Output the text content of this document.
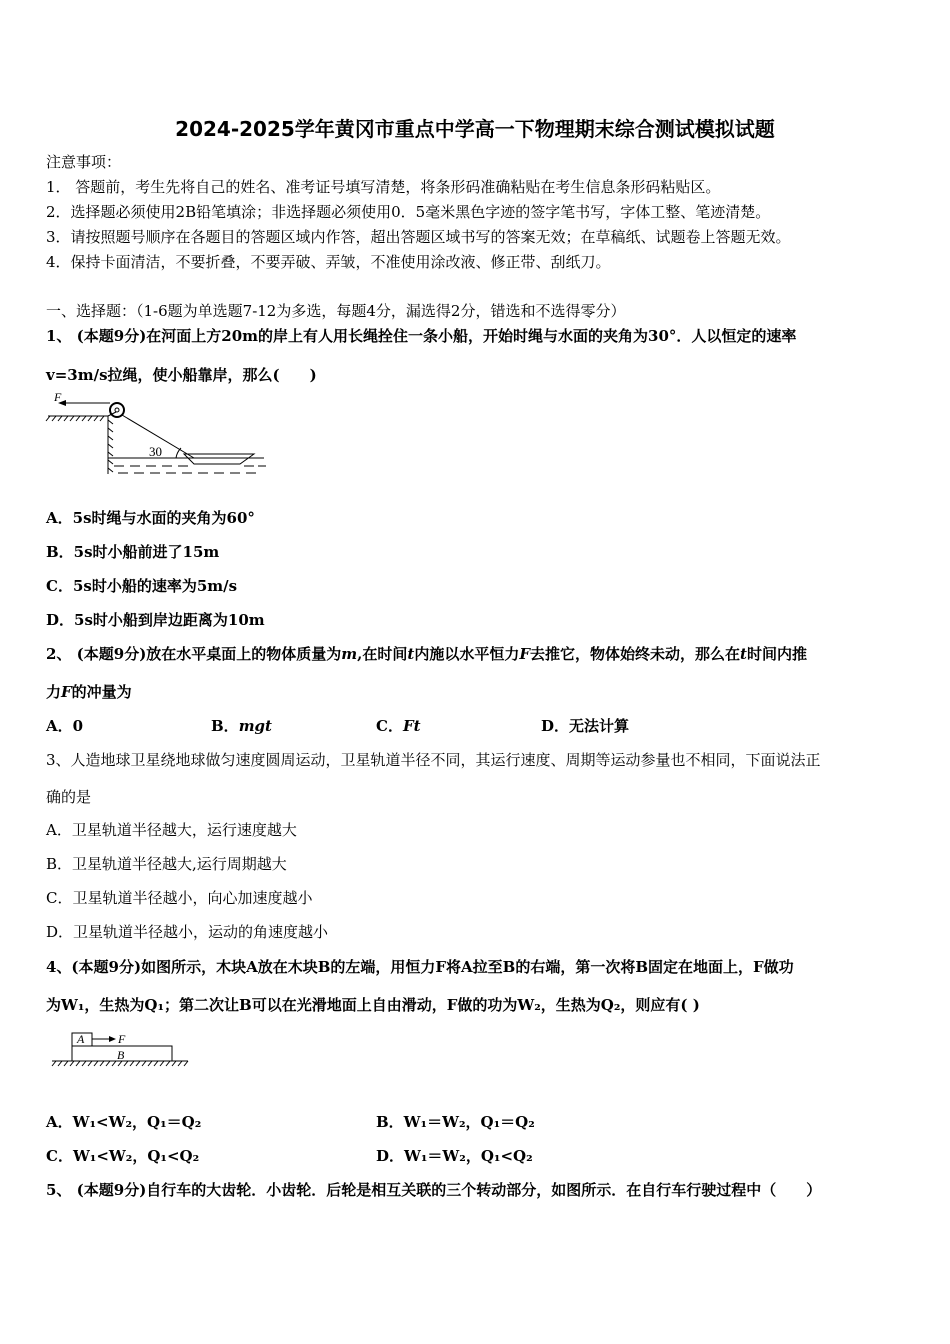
2024-2025学年黄冈市重点中学高一下物理期末综合测试模拟试题
注意事项：
1． 答题前，考生先将自己的姓名、准考证号填写清楚，将条形码准确粘贴在考生信息条形码粘贴区。
2．选择题必须使用2B铅笔填涂；非选择题必须使用0．5毫米黑色字迹的签字笔书写，字体工整、笔迹清楚。
3．请按照题号顺序在各题目的答题区域内作答，超出答题区域书写的答案无效；在草稿纸、试题卷上答题无效。
4．保持卡面清洁，不要折叠，不要弄破、弄皱，不准使用涂改液、修正带、刮纸刀。
一、选择题：（1-6题为单选题7-12为多选，每题4分，漏选得2分，错选和不选得零分）
1、 (本题9分)在河面上方20m的岸上有人用长绳拴住一条小船，开始时绳与水面的夹角为30°．人以恒定的速率
v=3m/s拉绳，使小船靠岸，那么(　　)
F
30
A．5s时绳与水面的夹角为60°
B．5s时小船前进了15m
C．5s时小船的速率为5m/s
D．5s时小船到岸边距离为10m
2、 (本题9分)放在水平桌面上的物体质量为m,在时间t内施以水平恒力F去推它，物体始终未动，那么在t时间内推
力F的冲量为
A．0	B．mgt	C．Ft	D．无法计算
3、人造地球卫星绕地球做匀速度圆周运动，卫星轨道半径不同，其运行速度、周期等运动参量也不相同，下面说法正
确的是
A．卫星轨道半径越大，运行速度越大
B．卫星轨道半径越大,运行周期越大
C．卫星轨道半径越小，向心加速度越小
D．卫星轨道半径越小，运动的角速度越小
4、(本题9分)如图所示，木块A放在木块B的左端，用恒力F将A拉至B的右端，第一次将B固定在地面上，F做功
为W₁，生热为Q₁；第二次让B可以在光滑地面上自由滑动，F做的功为W₂，生热为Q₂，则应有( )
A
B
F
A．W₁<W₂，Q₁＝Q₂	B．W₁＝W₂，Q₁＝Q₂
C．W₁<W₂，Q₁<Q₂	D．W₁＝W₂，Q₁<Q₂
5、 (本题9分)自行车的大齿轮．小齿轮．后轮是相互关联的三个转动部分，如图所示．在自行车行驶过程中（　　）
